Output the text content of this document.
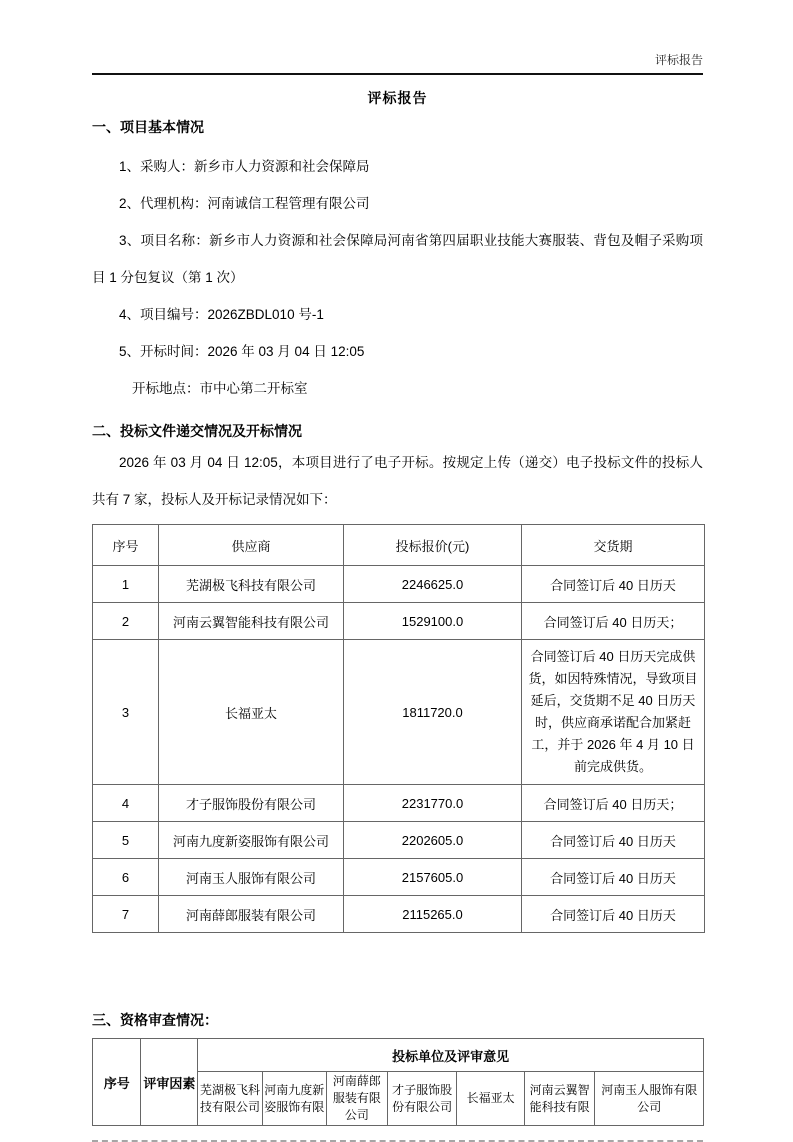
评标报告
评标报告
一、项目基本情况

1、采购人：新乡市人力资源和社会保障局

2、代理机构：河南诚信工程管理有限公司

3、项目名称：新乡市人力资源和社会保障局河南省第四届职业技能大赛服装、背包及帽子采购项目 1 分包复议（第 1 次）

4、项目编号：2026ZBDL010 号-1

5、开标时间：2026 年 03 月 04 日 12:05

开标地点：市中心第二开标室

二、投标文件递交情况及开标情况

2026 年 03 月 04 日 12:05，本项目进行了电子开标。按规定上传（递交）电子投标文件的投标人共有 7 家，投标人及开标记录情况如下：

序号	供应商	投标报价(元)	交货期
1	芜湖极飞科技有限公司	2246625.0	合同签订后 40 日历天
2	河南云翼智能科技有限公司	1529100.0	合同签订后 40 日历天；
3	长福亚太	1811720.0	合同签订后 40 日历天完成供货，如因特殊情况，导致项目延后，交货期不足 40 日历天时，供应商承诺配合加紧赶工，并于 2026 年 4 月 10 日前完成供货。
4	才子服饰股份有限公司	2231770.0	合同签订后 40 日历天；
5	河南九度新姿服饰有限公司	2202605.0	合同签订后 40 日历天
6	河南玉人服饰有限公司	2157605.0	合同签订后 40 日历天
7	河南薛郎服装有限公司	2115265.0	合同签订后 40 日历天
三、资格审查情况：
序号	评审因素	投标单位及评审意见						
		芜湖极飞科技有限公司	河南九度新姿服饰有限	河南薛郎服装有限公司	才子服饰股份有限公司	长福亚太	河南云翼智能科技有限	河南玉人服饰有限公司
